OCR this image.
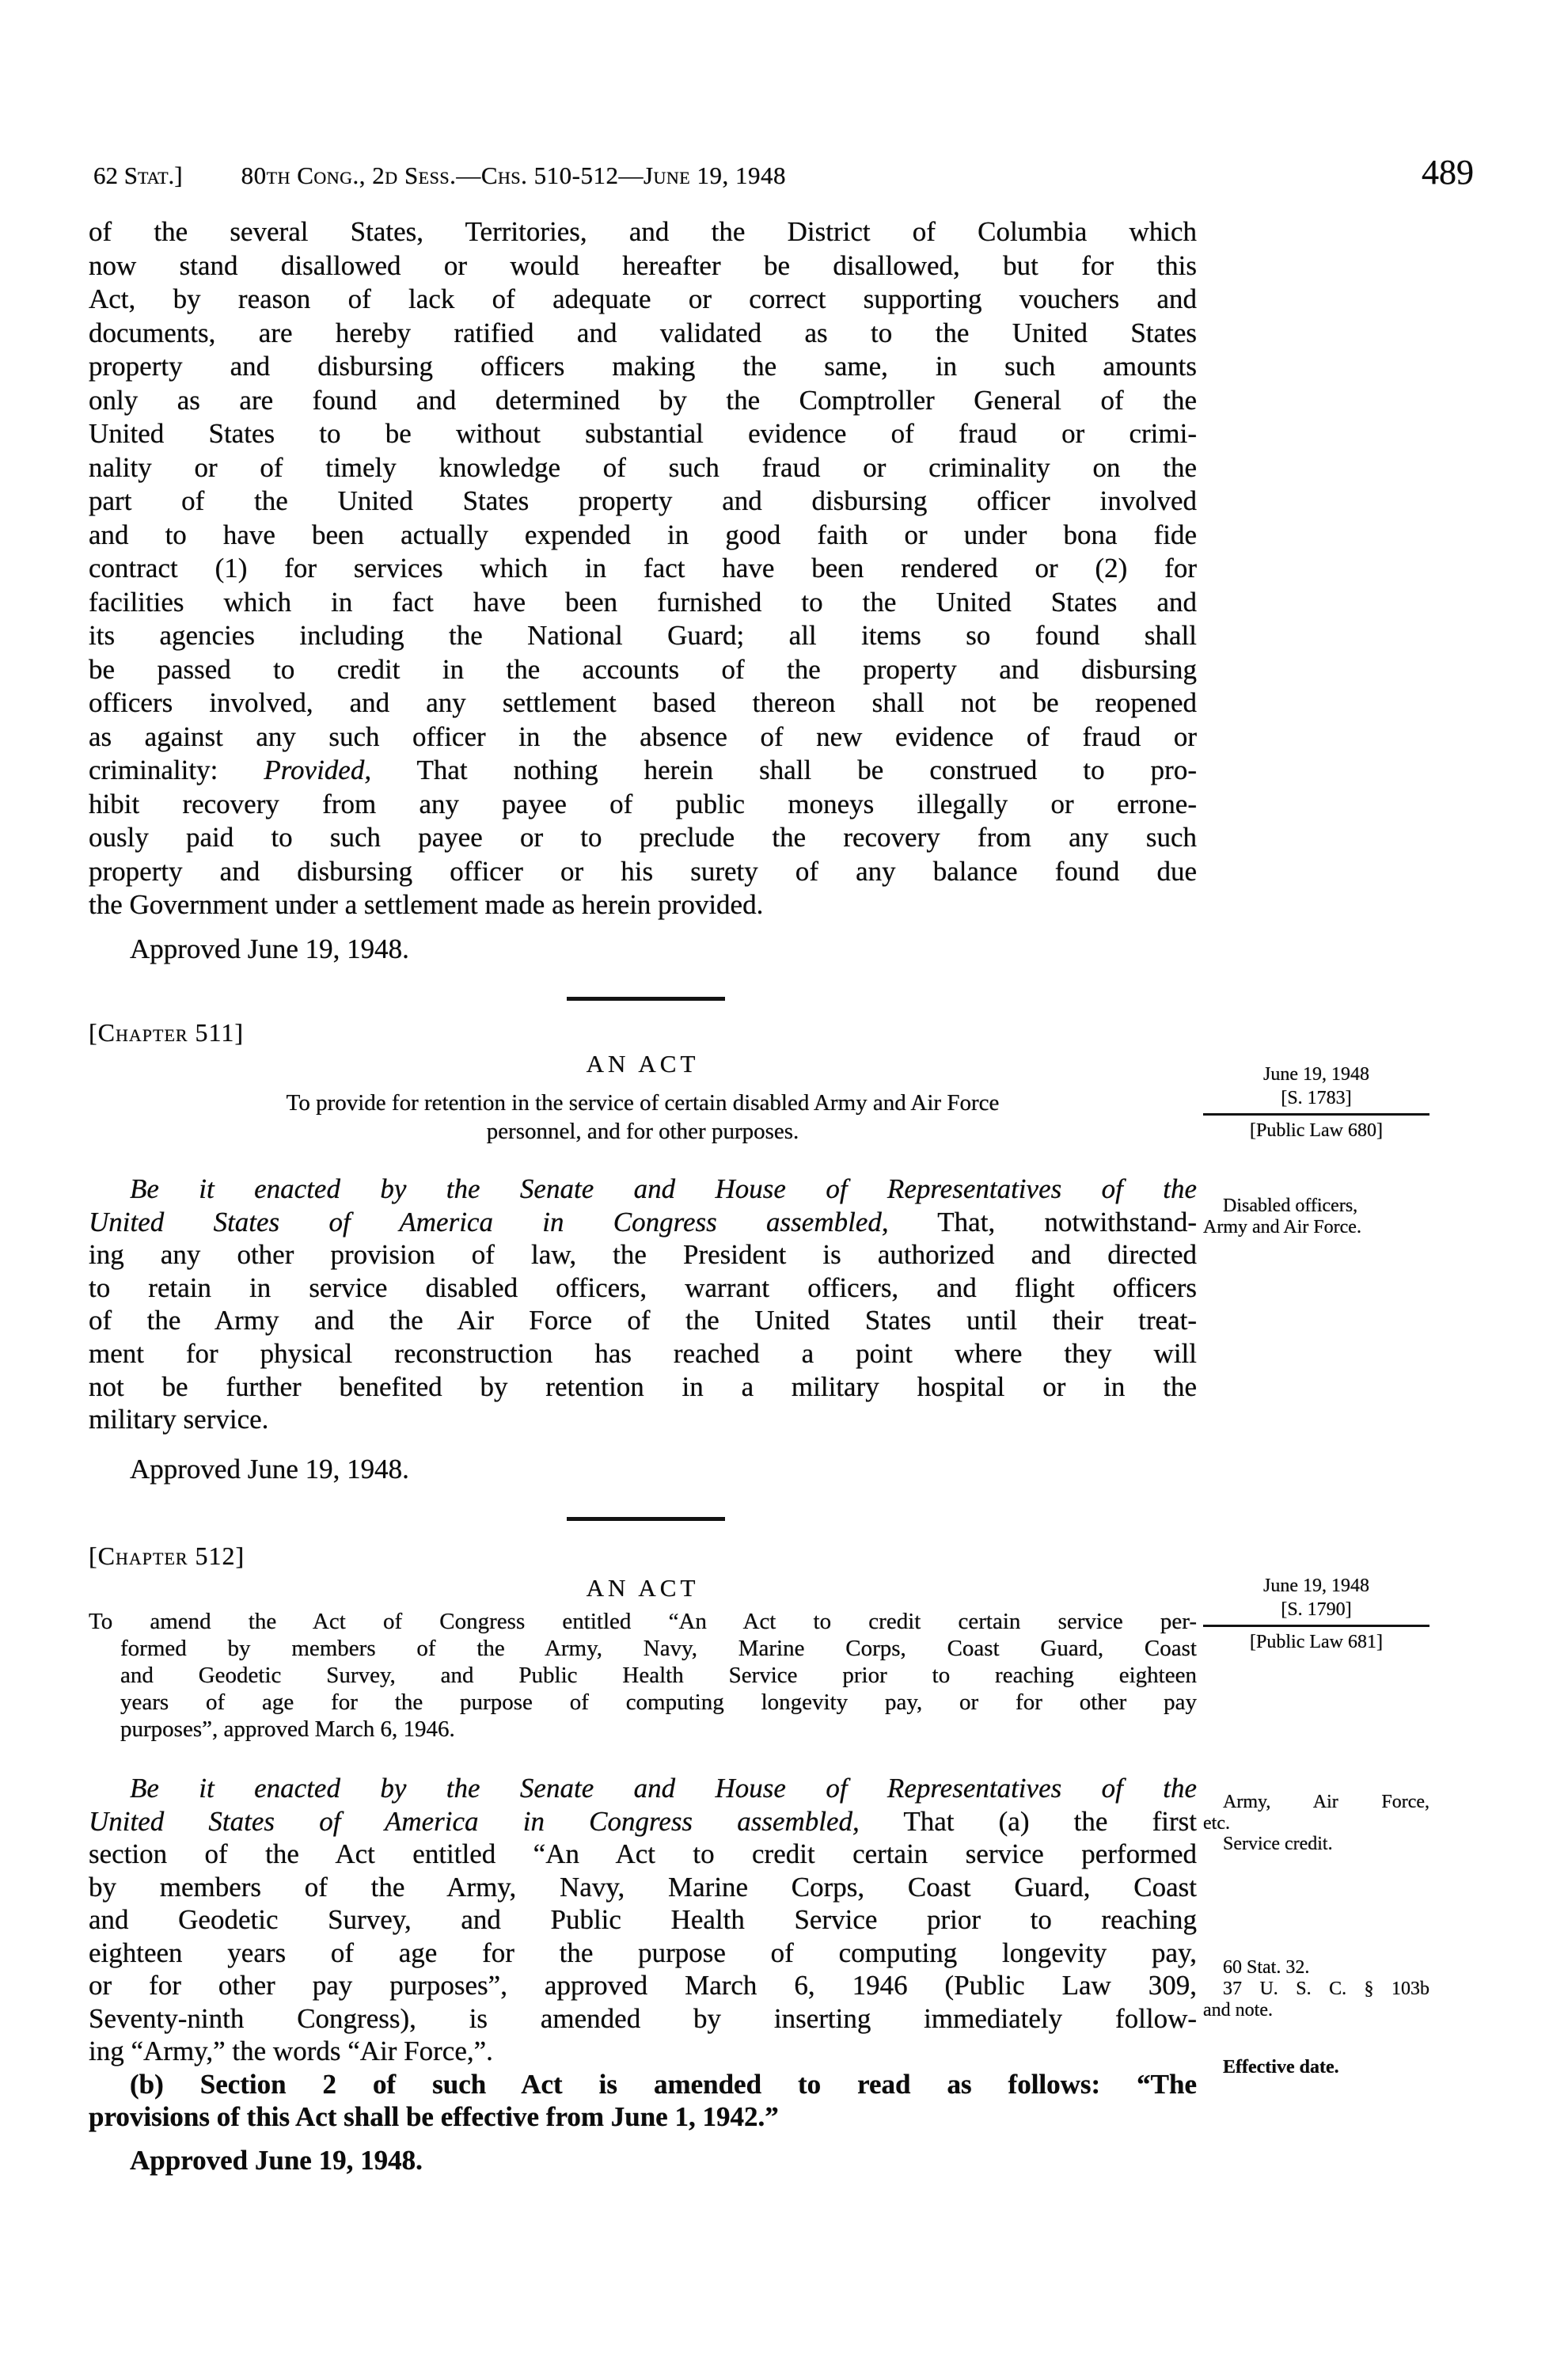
62 Stat.] 80th Cong., 2d Sess.—Chs. 510-512—June 19, 1948	489
of the several States, Territories, and the District of Columbia which
now stand disallowed or would hereafter be disallowed, but for this
Act, by reason of lack of adequate or correct supporting vouchers and
documents, are hereby ratified and validated as to the United States
property and disbursing officers making the same, in such amounts
only as are found and determined by the Comptroller General of the
United States to be without substantial evidence of fraud or crimi-
nality or of timely knowledge of such fraud or criminality on the
part of the United States property and disbursing officer involved
and to have been actually expended in good faith or under bona fide
contract (1) for services which in fact have been rendered or (2) for
facilities which in fact have been furnished to the United States and
its agencies including the National Guard; all items so found shall
be passed to credit in the accounts of the property and disbursing
officers involved, and any settlement based thereon shall not be reopened
as against any such officer in the absence of new evidence of fraud or
criminality: Provided, That nothing herein shall be construed to pro-
hibit recovery from any payee of public moneys illegally or errone-
ously paid to such payee or to preclude the recovery from any such
property and disbursing officer or his surety of any balance found due
the Government under a settlement made as herein provided.
Approved June 19, 1948.
[Chapter 511]
AN ACT
To provide for retention in the service of certain disabled Army and Air Force
personnel, and for other purposes.
June 19, 1948
[S. 1783]
[Public Law 680]
Disabled officers,
Army and Air Force.
Be it enacted by the Senate and House of Representatives of the
United States of America in Congress assembled, That, notwithstand-
ing any other provision of law, the President is authorized and directed
to retain in service disabled officers, warrant officers, and flight officers
of the Army and the Air Force of the United States until their treat-
ment for physical reconstruction has reached a point where they will
not be further benefited by retention in a military hospital or in the
military service.
Approved June 19, 1948.
[Chapter 512]
AN ACT
To amend the Act of Congress entitled “An Act to credit certain service per-
formed by members of the Army, Navy, Marine Corps, Coast Guard, Coast
and Geodetic Survey, and Public Health Service prior to reaching eighteen
years of age for the purpose of computing longevity pay, or for other pay
purposes”, approved March 6, 1946.
June 19, 1948
[S. 1790]
[Public Law 681]
Army, Air Force,
etc.
Service credit.
60 Stat. 32.
37 U. S. C. § 103b
and note.
Effective date.
Be it enacted by the Senate and House of Representatives of the
United States of America in Congress assembled, That (a) the first
section of the Act entitled “An Act to credit certain service performed
by members of the Army, Navy, Marine Corps, Coast Guard, Coast
and Geodetic Survey, and Public Health Service prior to reaching
eighteen years of age for the purpose of computing longevity pay,
or for other pay purposes”, approved March 6, 1946 (Public Law 309,
Seventy-ninth Congress), is amended by inserting immediately follow-
ing “Army,” the words “Air Force,”.
(b) Section 2 of such Act is amended to read as follows: “The
provisions of this Act shall be effective from June 1, 1942.”
Approved June 19, 1948.
